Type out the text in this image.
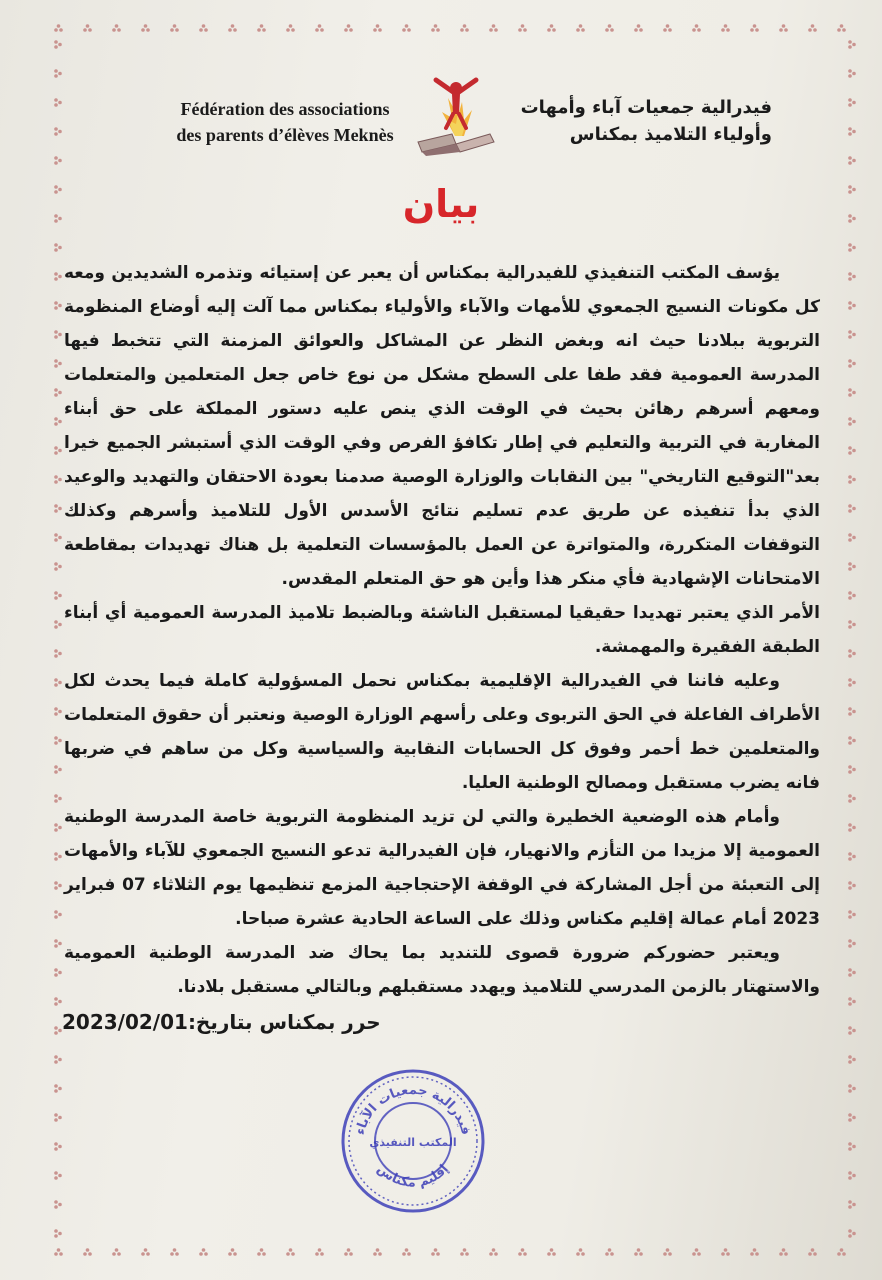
Fédération des associations
des parents d’élèves Meknès
فيدرالية جمعيات آباء وأمهات
وأولياء التلاميذ بمكناس
بيان

يؤسف المكتب التنفيذي للفيدرالية بمكناس أن يعبر عن إستيائه وتذمره الشديدين ومعه كل مكونات النسيج الجمعوي للأمهات والآباء والأولياء بمكناس مما آلت إليه أوضاع المنظومة التربوية ببلادنا حيث انه وبغض النظر عن المشاكل والعوائق المزمنة التي تتخبط فيها المدرسة العمومية فقد طفا على السطح مشكل من نوع خاص جعل المتعلمين والمتعلمات ومعهم أسرهم رهائن بحيث في الوقت الذي ينص عليه دستور المملكة على حق أبناء المغاربة في التربية والتعليم في إطار تكافؤ الفرص وفي الوقت الذي أستبشر الجميع خيرا بعد"التوقيع التاريخي" بين النقابات والوزارة الوصية صدمنا بعودة الاحتقان والتهديد والوعيد الذي بدأ تنفيذه عن طريق عدم تسليم نتائج الأسدس الأول للتلاميذ وأسرهم وكذلك التوقفات المتكررة، والمتواترة عن العمل بالمؤسسات التعلمية بل هناك تهديدات بمقاطعة الامتحانات الإشهادية فأي منكر هذا وأين هو حق المتعلم المقدس.

الأمر الذي يعتبر تهديدا حقيقيا لمستقبل الناشئة وبالضبط تلاميذ المدرسة العمومية أي أبناء الطبقة الفقيرة والمهمشة.

وعليه فاننا في الفيدرالية الإقليمية بمكناس نحمل المسؤولية كاملة فيما يحدث لكل الأطراف الفاعلة في الحق التربوى وعلى رأسهم الوزارة الوصية ونعتبر أن حقوق المتعلمات والمتعلمين خط أحمر وفوق كل الحسابات النقابية والسياسية وكل من ساهم في ضربها فانه يضرب مستقبل ومصالح الوطنية العليا.

وأمام هذه الوضعية الخطيرة والتي لن تزيد المنظومة التربوية خاصة المدرسة الوطنية العمومية إلا مزيدا من التأزم والانهيار، فإن الفيدرالية تدعو النسيج الجمعوي للآباء والأمهات إلى التعبئة من أجل المشاركة في الوقفة الإحتجاجية المزمع تنظيمها يوم الثلاثاء 07 فبراير 2023 أمام عمالة إقليم مكناس وذلك على الساعة الحادية عشرة صباحا.

ويعتبر حضوركم ضرورة قصوى للتنديد بما يحاك ضد المدرسة الوطنية العمومية والاستهتار بالزمن المدرسي للتلاميذ ويهدد مستقبلهم وبالتالي مستقبل بلادنا.

حرر بمكناس بتاريخ:2023/02/01
فيدرالية جمعيات الآباء
المكتب التنفيذي
إقليم مكناس
